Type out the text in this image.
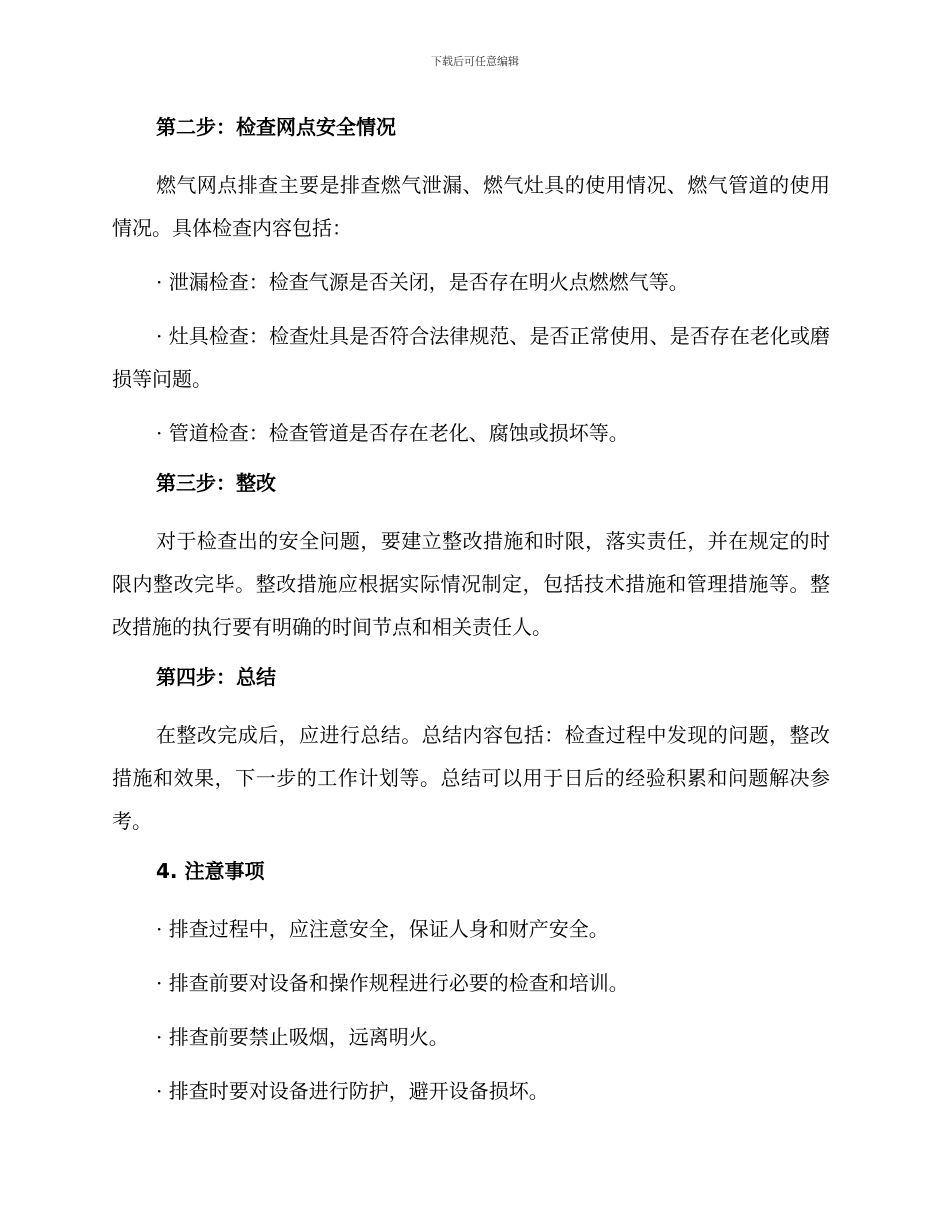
下载后可任意编辑
第二步：检查网点安全情况

燃气网点排查主要是排查燃气泄漏、燃气灶具的使用情况、燃气管道的使用情况。具体检查内容包括：

· 泄漏检查：检查气源是否关闭，是否存在明火点燃燃气等。

· 灶具检查：检查灶具是否符合法律规范、是否正常使用、是否存在老化或磨损等问题。

· 管道检查：检查管道是否存在老化、腐蚀或损坏等。

第三步：整改

对于检查出的安全问题，要建立整改措施和时限，落实责任，并在规定的时限内整改完毕。整改措施应根据实际情况制定，包括技术措施和管理措施等。整改措施的执行要有明确的时间节点和相关责任人。

第四步：总结

在整改完成后，应进行总结。总结内容包括：检查过程中发现的问题，整改措施和效果，下一步的工作计划等。总结可以用于日后的经验积累和问题解决参考。

4. 注意事项

· 排查过程中，应注意安全，保证人身和财产安全。

· 排查前要对设备和操作规程进行必要的检查和培训。

· 排查前要禁止吸烟，远离明火。

· 排查时要对设备进行防护，避开设备损坏。
